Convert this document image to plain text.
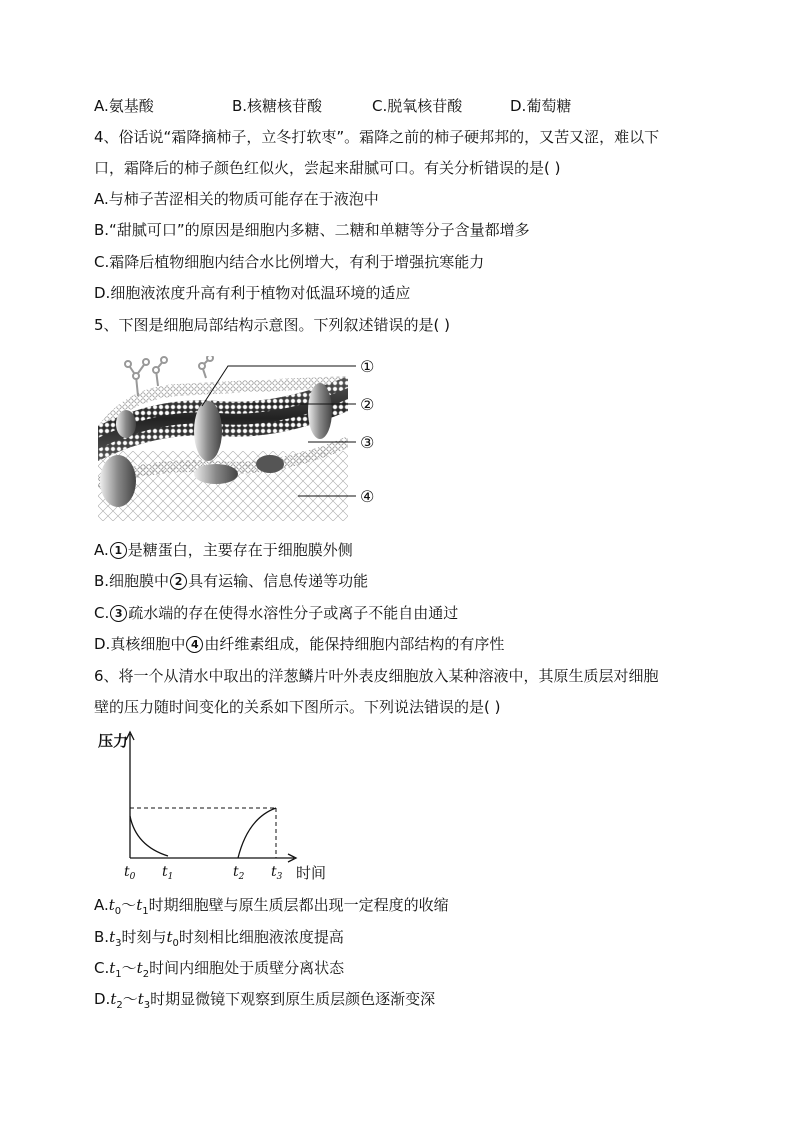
A.氨基酸	B.核糖核苷酸	C.脱氧核苷酸	D.葡萄糖
4、俗话说“霜降摘柿子，立冬打软枣”。霜降之前的柿子硬邦邦的，又苦又涩，难以下
口，霜降后的柿子颜色红似火，尝起来甜腻可口。有关分析错误的是( )
A.与柿子苦涩相关的物质可能存在于液泡中
B.“甜腻可口”的原因是细胞内多糖、二糖和单糖等分子含量都增多
C.霜降后植物细胞内结合水比例增大，有利于增强抗寒能力
D.细胞液浓度升高有利于植物对低温环境的适应
5、下图是细胞局部结构示意图。下列叙述错误的是( )
①
②
③
④
A. 1 是糖蛋白，主要存在于细胞膜外侧
B.细胞膜中 2 具有运输、信息传递等功能
C. 3 疏水端的存在使得水溶性分子或离子不能自由通过
D.真核细胞中 4 由纤维素组成，能保持细胞内部结构的有序性
6、将一个从清水中取出的洋葱鳞片叶外表皮细胞放入某种溶液中，其原生质层对细胞
壁的压力随时间变化的关系如下图所示。下列说法错误的是( )
压力
时间
$t_0$ $t_1$	$t_2$ $t_3$
$A.t_0\sim t_1$时期细胞壁与原生质层都出现一定程度的收缩
$B.t_3$时刻与$t_0$时刻相比细胞液浓度提高
$C.t_1\sim t_2$时间内细胞处于质壁分离状态
$D.t_2\sim t_3$时期显微镜下观察到原生质层颜色逐渐变深
